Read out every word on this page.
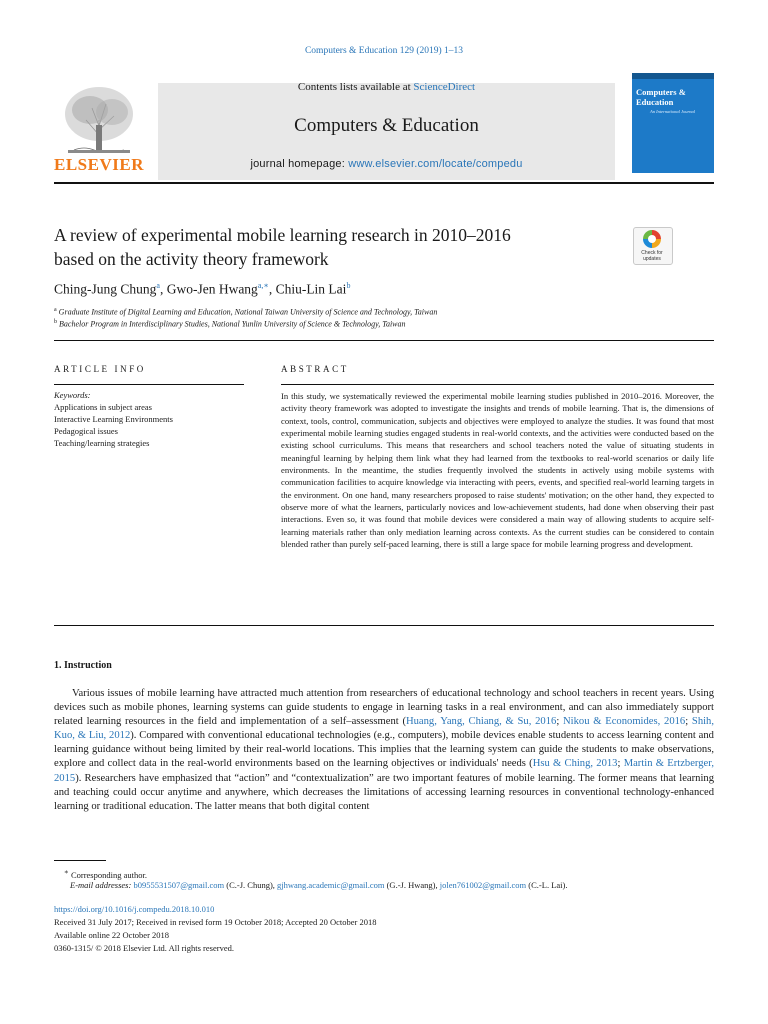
Computers & Education 129 (2019) 1–13
ELSEVIER
Contents lists available at ScienceDirect
Computers & Education
journal homepage: www.elsevier.com/locate/compedu
Computers & Education
An International Journal
A review of experimental mobile learning research in 2010–2016
based on the activity theory framework	Check for updates
Ching-Jung Chung$^a$, Gwo-Jen Hwang$^{a,∗}$, Chiu-Lin Lai$^b$
$^a$ Graduate Institute of Digital Learning and Education, National Taiwan University of Science and Technology, Taiwan
$^b$ Bachelor Program in Interdisciplinary Studies, National Yunlin University of Science & Technology, Taiwan
ARTICLE INFO
Keywords:
Applications in subject areas
Interactive Learning Environments
Pedagogical issues
Teaching/learning strategies
ABSTRACT
In this study, we systematically reviewed the experimental mobile learning studies published in 2010–2016. Moreover, the activity theory framework was adopted to investigate the insights and trends of mobile learning. That is, the dimensions of context, tools, control, communication, subjects and objectives were employed to analyze the studies. It was found that most experimental mobile learning studies engaged students in real-world contexts, and the activities were conducted based on the existing school curriculums. This means that researchers and school teachers noted the value of situating students in meaningful learning by helping them link what they had learned from the textbooks to real-world scenarios or daily life environments. In the meantime, the studies frequently involved the students in actively using mobile systems with communication facilities to acquire knowledge via interacting with peers, events, and specified real-world learning targets in the environment. On one hand, many researchers proposed to raise students' motivation; on the other hand, they expected to observe more of what the learners, particularly novices and low-achievement students, had done when observing their past interactions. Even so, it was found that mobile devices were considered a main way of allowing students to acquire self-learning materials rather than only mediation learning across contexts. As the current studies can be considered to contain blended rather than purely self-paced learning, there is still a large space for mobile learning progress and development.
1. Instruction
Various issues of mobile learning have attracted much attention from researchers of educational technology and school teachers in recent years. Using devices such as mobile phones, learning systems can guide students to engage in learning tasks in a real environment, and can also immediately support related learning resources in the field and implementation of a self–assessment (Huang, Yang, Chiang, & Su, 2016; Nikou & Economides, 2016; Shih, Kuo, & Liu, 2012). Compared with conventional educational technologies (e.g., computers), mobile devices enable students to access learning content and learning guidance without being limited by their real-world locations. This implies that the learning system can guide the students to make observations, explore and collect data in the real-world environments based on the learning objectives or individuals' needs (Hsu & Ching, 2013; Martin & Ertzberger, 2015). Researchers have emphasized that “action” and “contextualization” are two important features of mobile learning. The former means that learning and teaching could occur anytime and anywhere, which decreases the limitations of accessing learning resources in conventional technology-enhanced learning or traditional education. The latter means that both digital content
∗ Corresponding author.
E-mail addresses: b0955531507@gmail.com (C.-J. Chung), gjhwang.academic@gmail.com (G.-J. Hwang), jolen761002@gmail.com (C.-L. Lai).
https://doi.org/10.1016/j.compedu.2018.10.010
Received 31 July 2017; Received in revised form 19 October 2018; Accepted 20 October 2018
Available online 22 October 2018
0360-1315/ © 2018 Elsevier Ltd. All rights reserved.
